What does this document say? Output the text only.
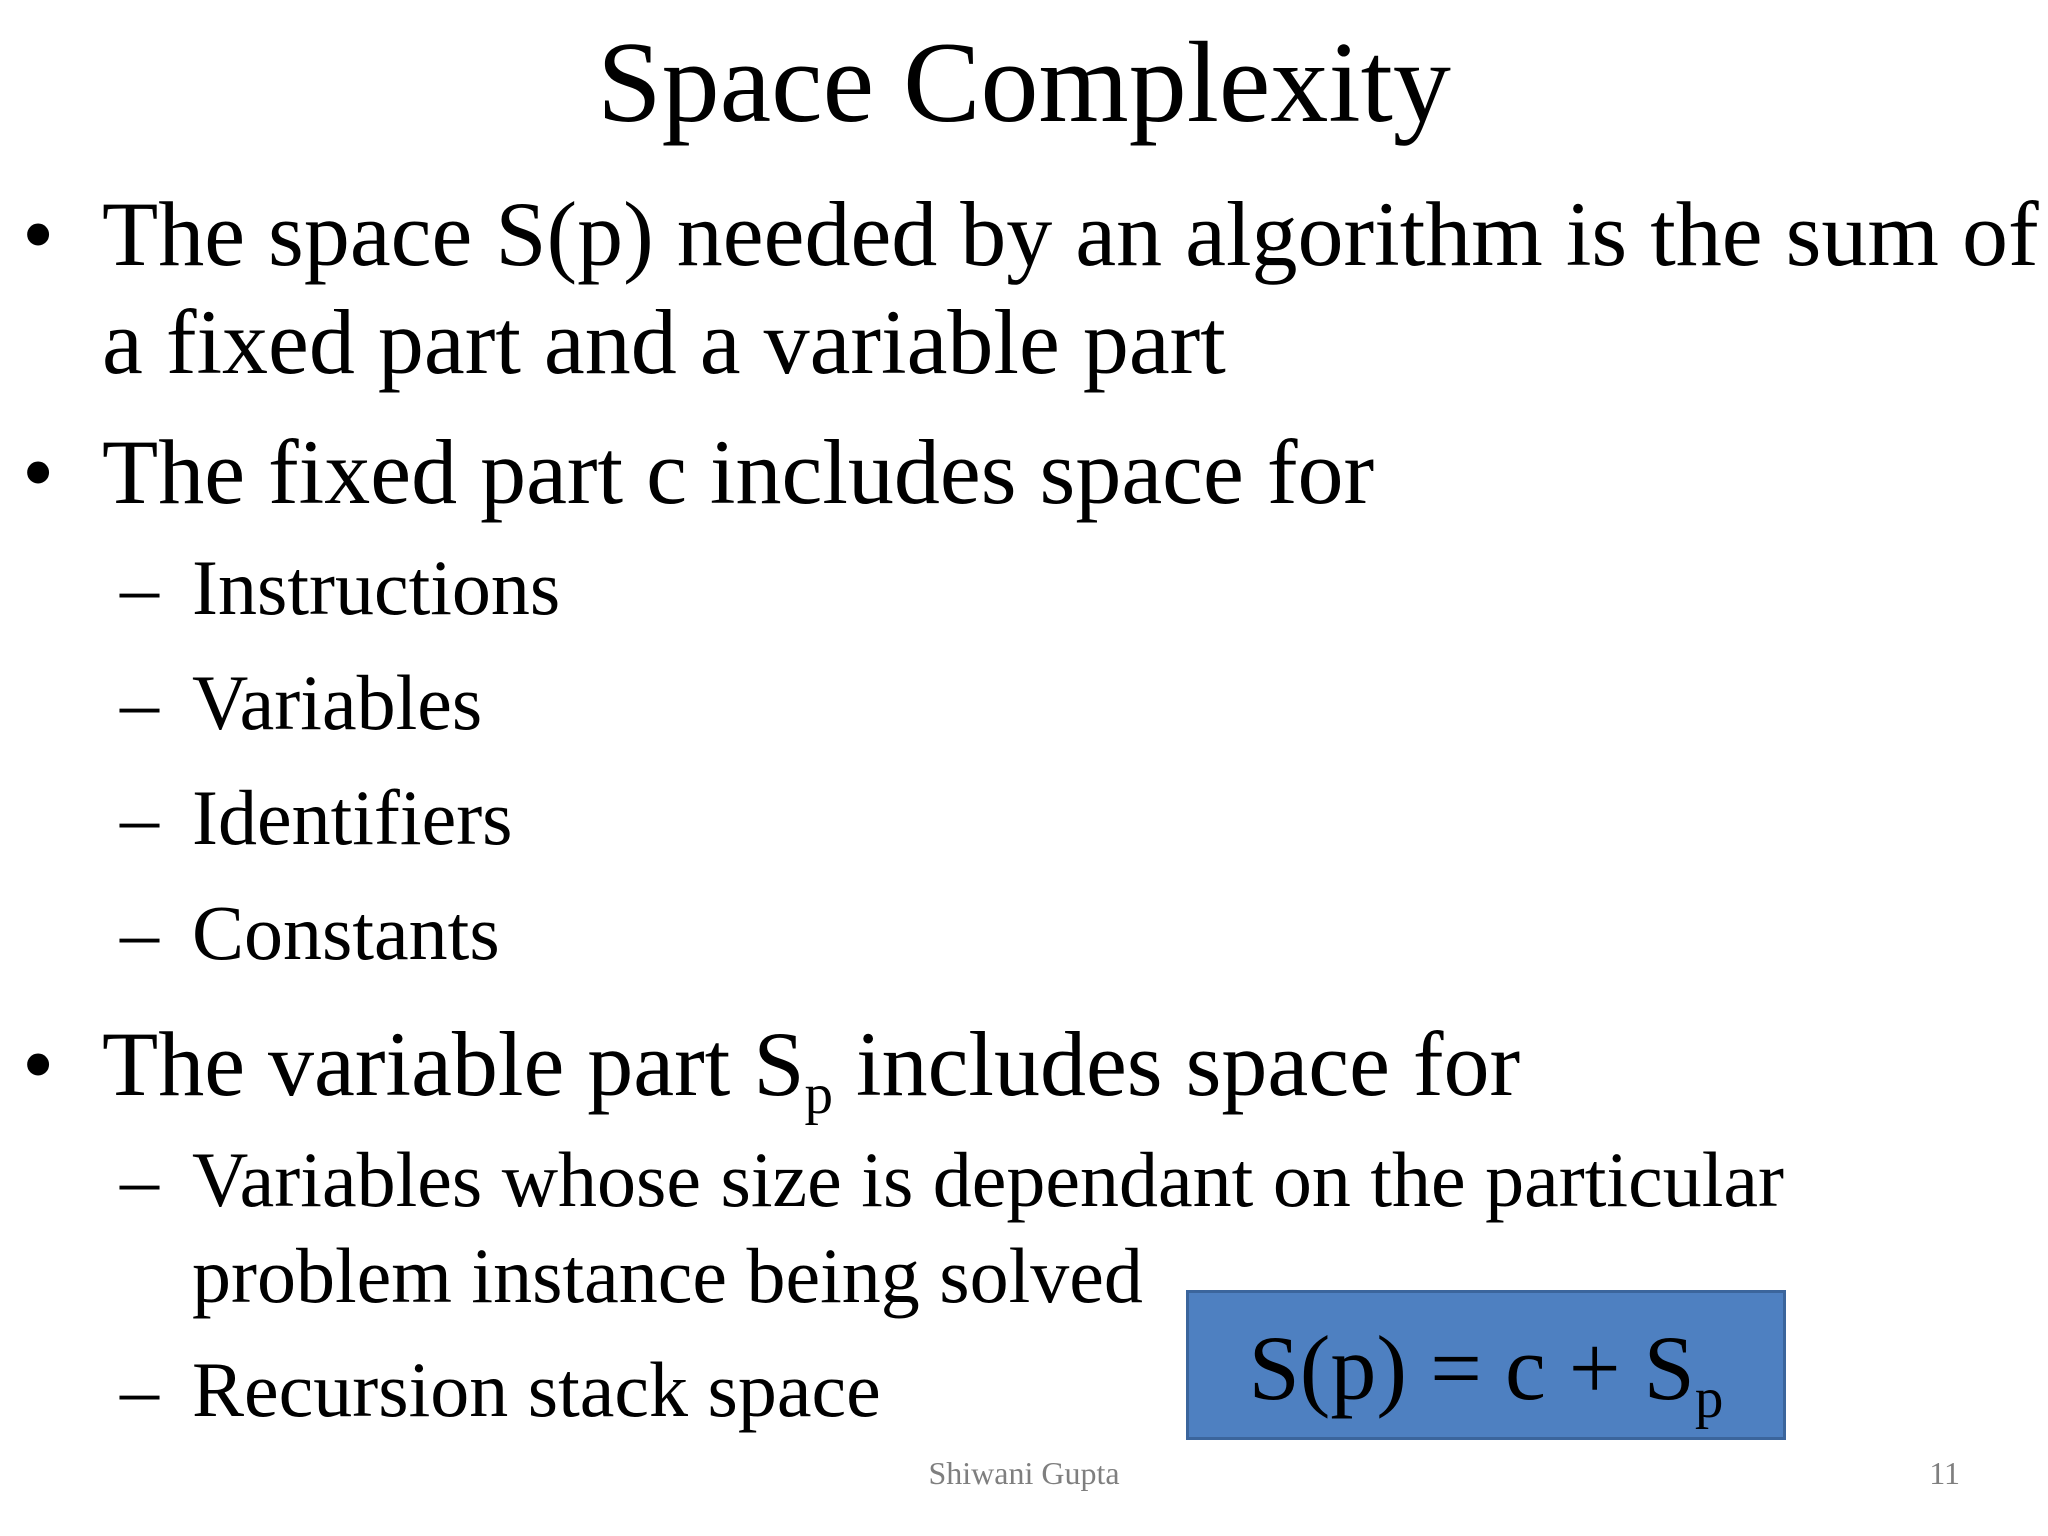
Space Complexity
• The space S(p) needed by an algorithm is the sum of
a fixed part and a variable part
• The fixed part c includes space for
– Instructions
– Variables
– Identifiers
– Constants
• The variable part Sp includes space for
– Variables whose size is dependant on the particular
problem instance being solved
– Recursion stack space	S(p) = c + Sp
Shiwani Gupta	11
